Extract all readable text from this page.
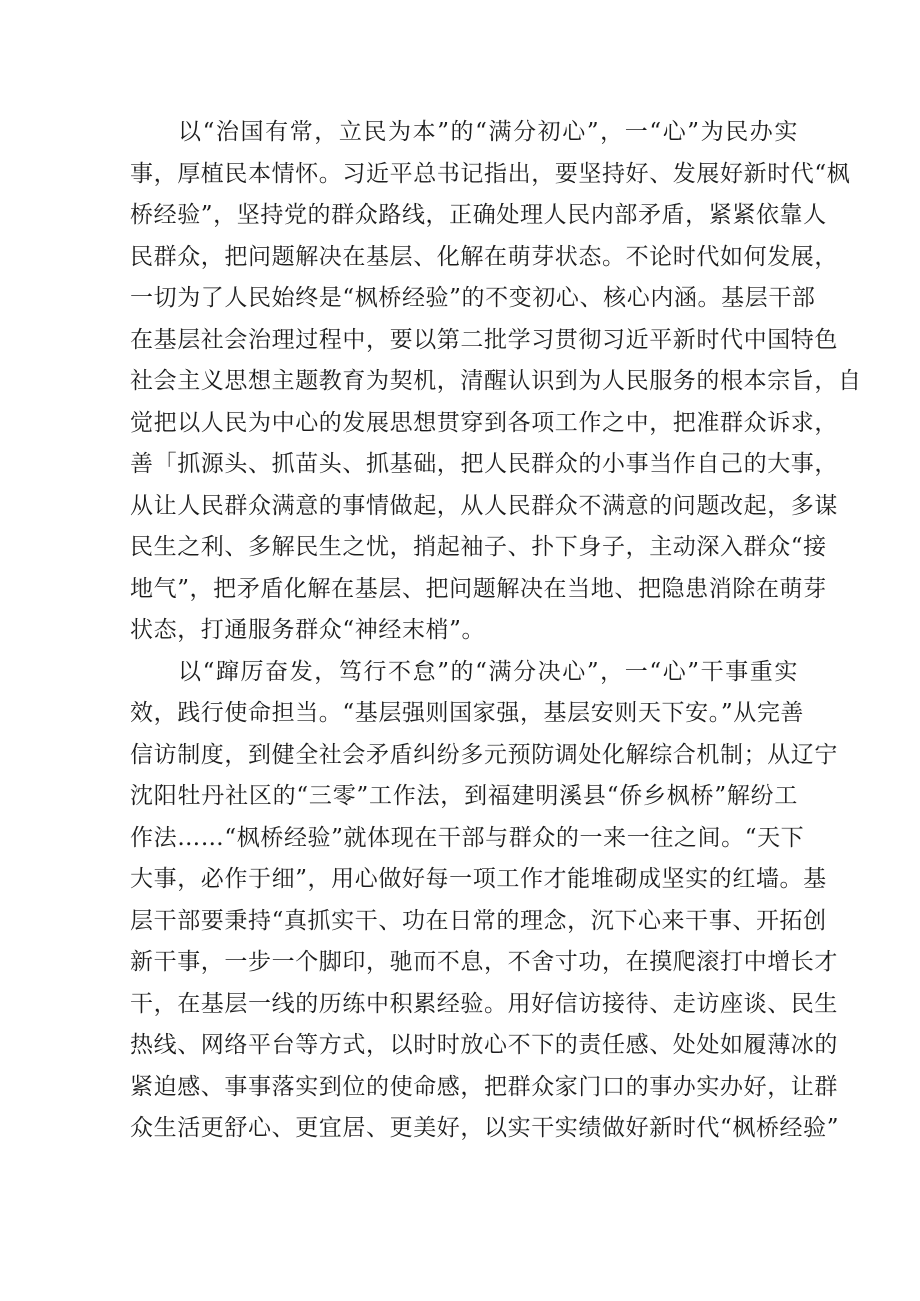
以“治国有常，立民为本”的“满分初心”，一“心”为民办实
事，厚植民本情怀。习近平总书记指出，要坚持好、发展好新时代“枫
桥经验”，坚持党的群众路线，正确处理人民内部矛盾，紧紧依靠人
民群众，把问题解决在基层、化解在萌芽状态。不论时代如何发展，
一切为了人民始终是“枫桥经验”的不变初心、核心内涵。基层干部
在基层社会治理过程中，要以第二批学习贯彻习近平新时代中国特色
社会主义思想主题教育为契机，清醒认识到为人民服务的根本宗旨，自
觉把以人民为中心的发展思想贯穿到各项工作之中，把准群众诉求，
善「抓源头、抓苗头、抓基础，把人民群众的小事当作自己的大事，
从让人民群众满意的事情做起，从人民群众不满意的问题改起，多谋
民生之利、多解民生之忧，捎起袖子、扑下身子，主动深入群众“接
地气”，把矛盾化解在基层、把问题解决在当地、把隐患消除在萌芽
状态，打通服务群众“神经末梢”。
以“蹿厉奋发，笃行不怠”的“满分决心”，一“心”干事重实
效，践行使命担当。“基层强则国家强，基层安则天下安。”从完善
信访制度，到健全社会矛盾纠纷多元预防调处化解综合机制；从辽宁
沈阳牡丹社区的“三零”工作法，到福建明溪县“侨乡枫桥”解纷工
作法……“枫桥经验”就体现在干部与群众的一来一往之间。“天下
大事，必作于细”，用心做好每一项工作才能堆砌成坚实的红墙。基
层干部要秉持“真抓实干、功在日常的理念，沉下心来干事、开拓创
新干事，一步一个脚印，驰而不息，不舍寸功，在摸爬滚打中增长才
干，在基层一线的历练中积累经验。用好信访接待、走访座谈、民生
热线、网络平台等方式，以时时放心不下的责任感、处处如履薄冰的
紧迫感、事事落实到位的使命感，把群众家门口的事办实办好，让群
众生活更舒心、更宜居、更美好，以实干实绩做好新时代“枫桥经验”
